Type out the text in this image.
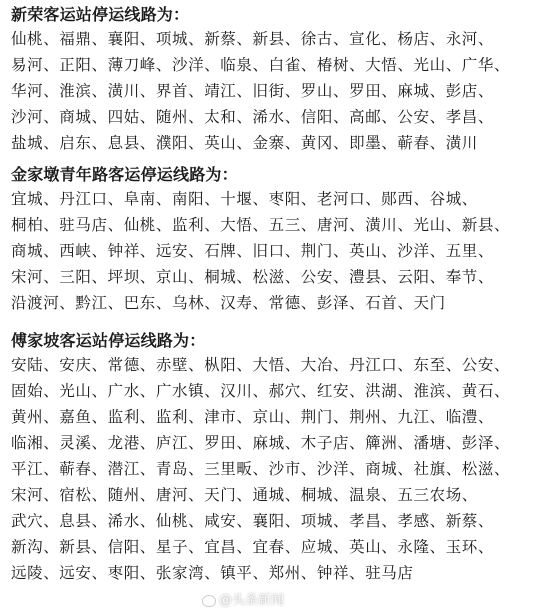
新荣客运站停运线路为：
仙桃、福鼎、襄阳、项城、新蔡、新县、徐古、宣化、杨店、永河、
易河、正阳、薄刀峰、沙洋、临泉、白雀、椿树、大悟、光山、广华、
华河、淮滨、潢川、界首、靖江、旧街、罗山、罗田、麻城、彭店、
沙河、商城、四姑、随州、太和、浠水、信阳、高邮、公安、孝昌、
盐城、启东、息县、濮阳、英山、金寨、黄冈、即墨、蕲春、潢川
金家墩青年路客运停运线路为：
宜城、丹江口、阜南、南阳、十堰、枣阳、老河口、郧西、谷城、
桐柏、驻马店、仙桃、监利、大悟、五三、唐河、潢川、光山、新县、
商城、西峡、钟祥、远安、石牌、旧口、荆门、英山、沙洋、五里、
宋河、三阳、坪坝、京山、桐城、松滋、公安、澧县、云阳、奉节、
沿渡河、黔江、巴东、乌林、汉寿、常德、彭泽、石首、天门
傅家坡客运站停运线路为：
安陆、安庆、常德、赤壁、枞阳、大悟、大冶、丹江口、东至、公安、
固始、光山、广水、广水镇、汉川、郝穴、红安、洪湖、淮滨、黄石、
黄州、嘉鱼、监利、监利、津市、京山、荆门、荆州、九江、临澧、
临湘、灵溪、龙港、庐江、罗田、麻城、木子店、簰洲、潘塘、彭泽、
平江、蕲春、潜江、青岛、三里畈、沙市、沙洋、商城、社旗、松滋、
宋河、宿松、随州、唐河、天门、通城、桐城、温泉、五三农场、
武穴、息县、浠水、仙桃、咸安、襄阳、项城、孝昌、孝感、新蔡、
新沟、新县、信阳、星子、宜昌、宜春、应城、英山、永隆、玉环、
远陵、远安、枣阳、张家湾、镇平、郑州、钟祥、驻马店
@头条新闻
